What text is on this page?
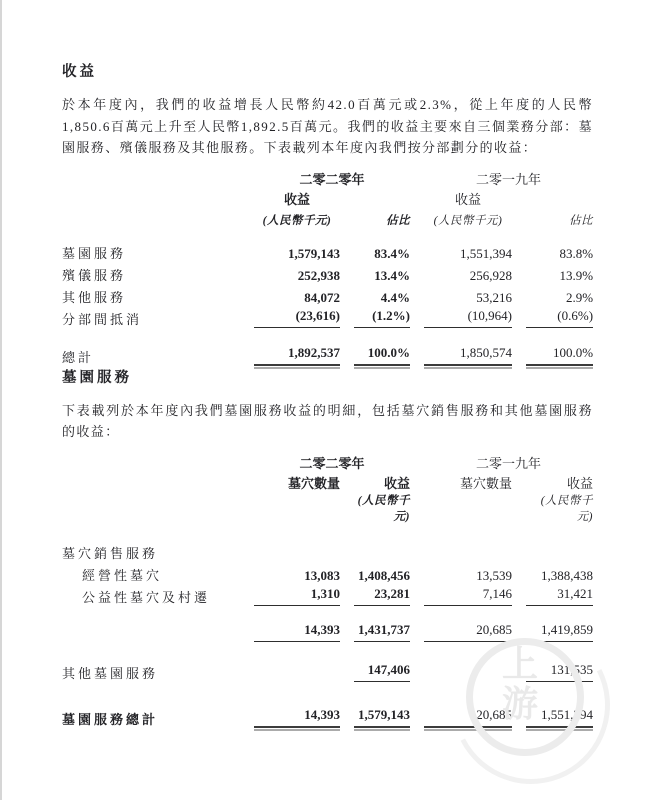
收益

於本年度內，我們的收益增長人民幣約42.0百萬元或2.3%，從上年度的人民幣1,850.6百萬元上升至人民幣1,892.5百萬元。我們的收益主要來自三個業務分部：墓園服務、殯儀服務及其他服務。下表載列本年度內我們按分部劃分的收益：

	二零二零年		二零一九年	

	收益		收益	

	(人民幣千元)	佔比	(人民幣千元)	佔比

墓園服務	1,579,143	83.4%	1,551,394	83.8%

殯儀服務	252,938	13.4%	256,928	13.9%

其他服務	84,072	4.4%	53,216	2.9%

分部間抵消	(23,616)	(1.2%)	(10,964)	(0.6%)

總計	1,892,537	100.0%	1,850,574	100.0%
墓園服務

下表載列於本年度內我們墓園服務收益的明細，包括墓穴銷售服務和其他墓園服務的收益：

	二零二零年		二零一九年	

	墓穴數量	收益	墓穴數量	收益

		(人民幣千元)		(人民幣千元)

墓穴銷售服務				
經營性墓穴	13,083	1,408,456	13,539	1,388,438

公益性墓穴及村遷	1,310	23,281	7,146	31,421

	14,393	1,431,737	20,685	1,419,859

其他墓園服務		147,406		131,535

墓園服務總計	14,393	1,579,143	20,685	1,551,394
上
游
